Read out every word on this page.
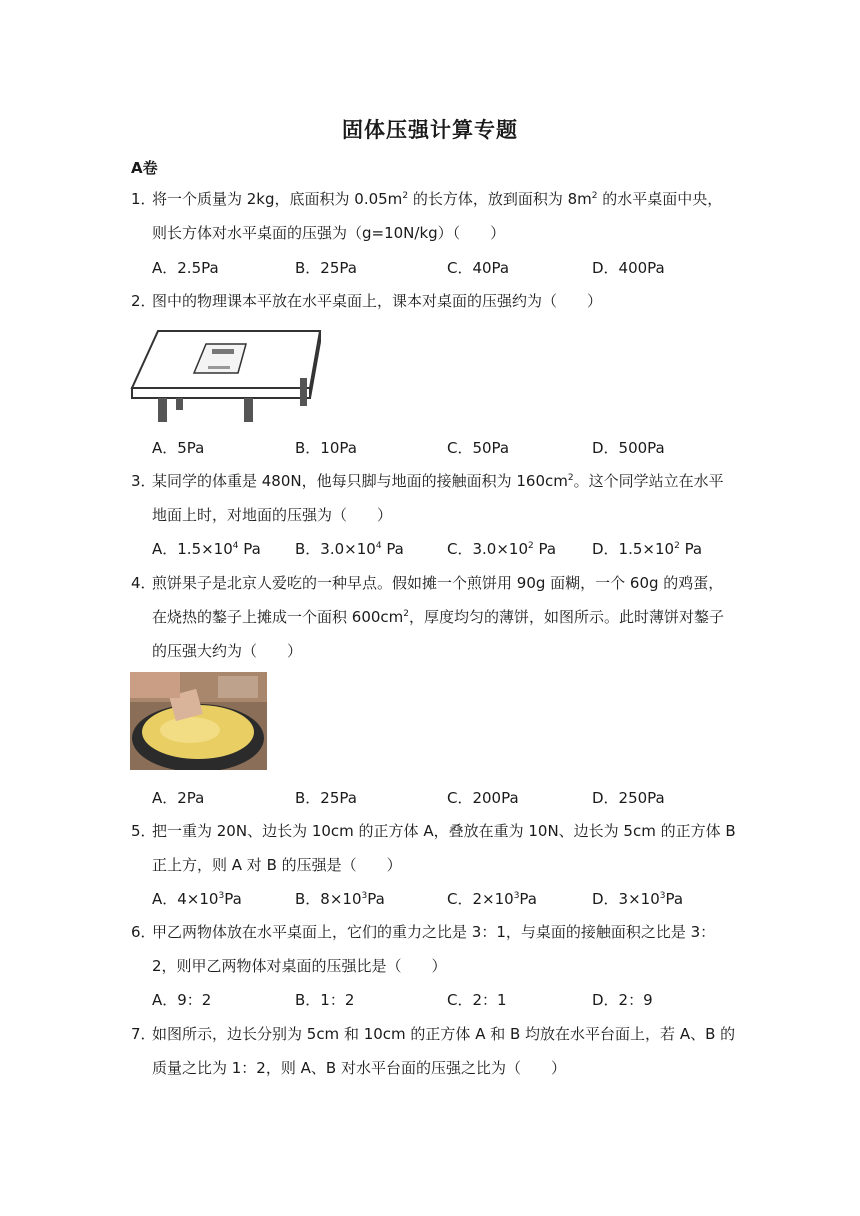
固体压强计算专题
A卷
1．
将一个质量为 2kg，底面积为 $0.05m^2$ 的长方体，放到面积为 $8m^2$ 的水平桌面中央，则长方体对水平桌面的压强为（g=10N/kg）（　　）
A．2.5Pa	B．25Pa	C．40Pa	D．400Pa
2．
图中的物理课本平放在水平桌面上，课本对桌面的压强约为（　　）
A．5Pa	B．10Pa	C．50Pa	D．500Pa
3．
某同学的体重是 480N，他每只脚与地面的接触面积为 $160cm^2$。这个同学站立在水平地面上时，对地面的压强为（　　）
A．$1.5\times 10^4$ Pa B．$3.0\times 10^4$ Pa	C．$3.0\times 10^2$ Pa D．$1.5\times 10^2$ Pa
4．
煎饼果子是北京人爱吃的一种早点。假如摊一个煎饼用 90g 面糊，一个 60g 的鸡蛋，在烧热的鏊子上摊成一个面积 $600cm^2$，厚度均匀的薄饼，如图所示。此时薄饼对鏊子的压强大约为（　　）
A．2Pa	B．25Pa	C．200Pa	D．250Pa
5．
把一重为 20N、边长为 10cm 的正方体 A，叠放在重为 10N、边长为 5cm 的正方体 B 正上方，则 A 对 B 的压强是（　　）
A．$4\times 10^3Pa$	B．$8\times 10^3Pa$	C．$2\times 10^3Pa$	D．$3\times 10^3Pa$
6．
甲乙两物体放在水平桌面上，它们的重力之比是 3：1，与桌面的接触面积之比是 3：2，则甲乙两物体对桌面的压强比是（　　）
A．9：2	B．1：2	C．2：1	D．2：9
7．
如图所示，边长分别为 5cm 和 10cm 的正方体 A 和 B 均放在水平台面上，若 A、B 的质量之比为 1：2，则 A、B 对水平台面的压强之比为（　　）
